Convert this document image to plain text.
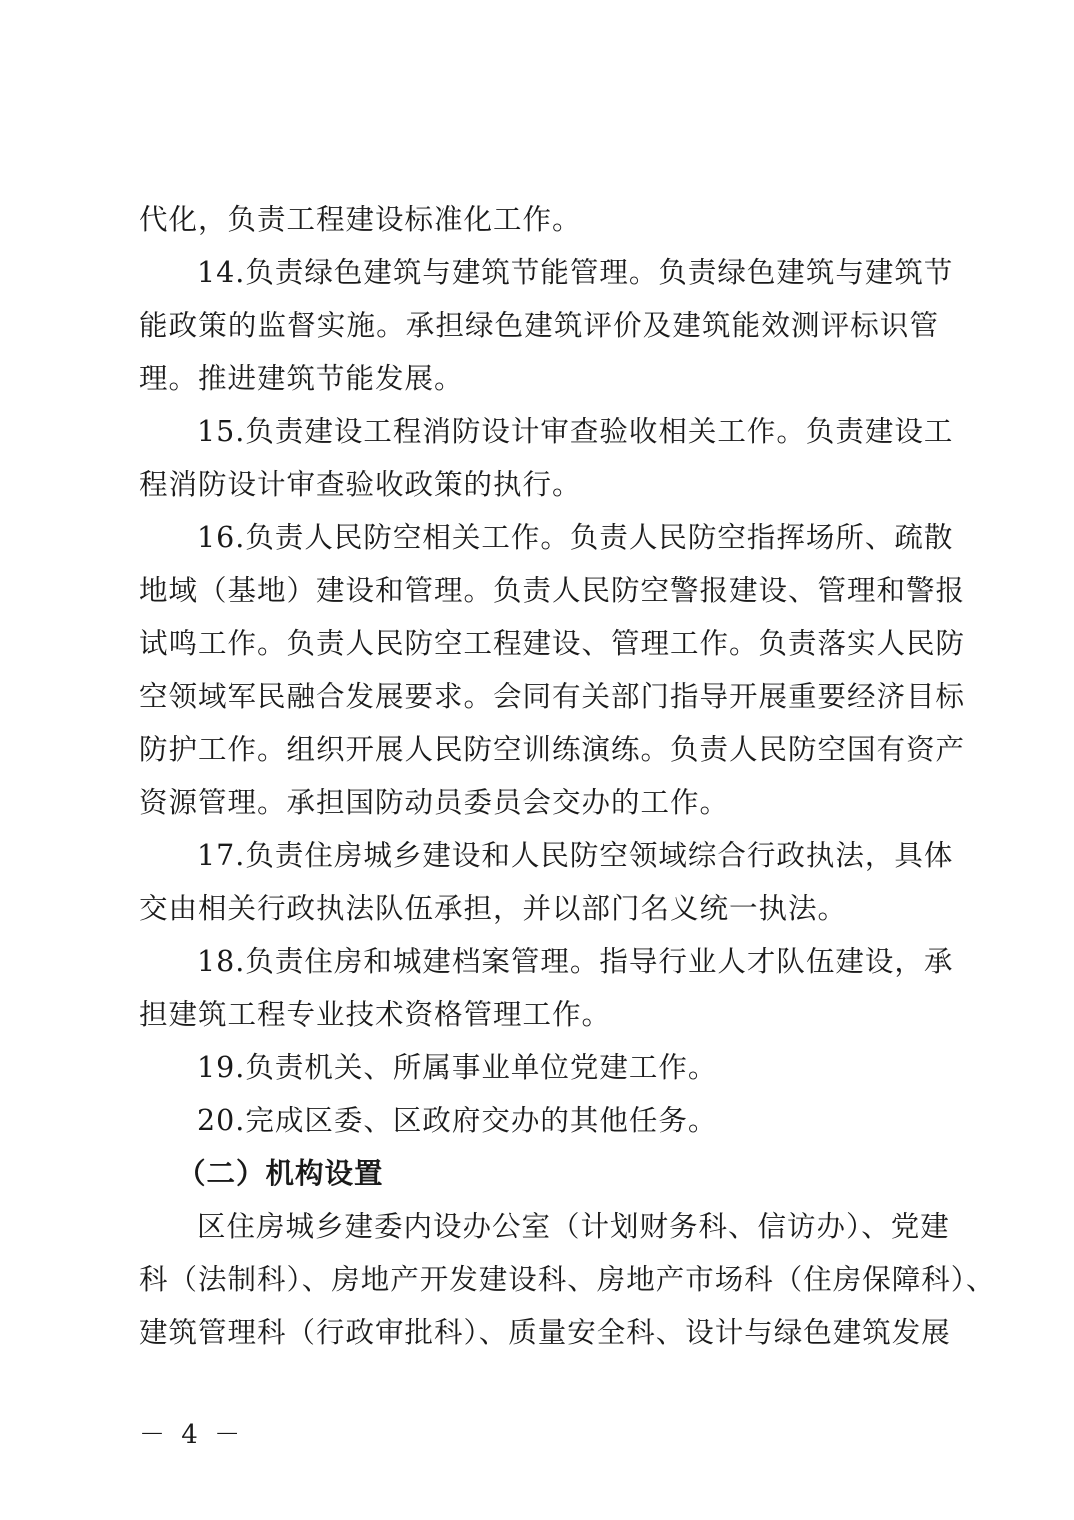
代化，负责工程建设标准化工作。
14.负责绿色建筑与建筑节能管理。负责绿色建筑与建筑节
能政策的监督实施。承担绿色建筑评价及建筑能效测评标识管
理。推进建筑节能发展。
15.负责建设工程消防设计审查验收相关工作。负责建设工
程消防设计审查验收政策的执行。
16.负责人民防空相关工作。负责人民防空指挥场所、疏散
地域（基地）建设和管理。负责人民防空警报建设、管理和警报
试鸣工作。负责人民防空工程建设、管理工作。负责落实人民防
空领域军民融合发展要求。会同有关部门指导开展重要经济目标
防护工作。组织开展人民防空训练演练。负责人民防空国有资产
资源管理。承担国防动员委员会交办的工作。
17.负责住房城乡建设和人民防空领域综合行政执法，具体
交由相关行政执法队伍承担，并以部门名义统一执法。
18.负责住房和城建档案管理。指导行业人才队伍建设，承
担建筑工程专业技术资格管理工作。
19.负责机关、所属事业单位党建工作。
20.完成区委、区政府交办的其他任务。
（二）机构设置
区住房城乡建委内设办公室（计划财务科、信访办）、党建
科（法制科）、房地产开发建设科、房地产市场科（住房保障科）、
建筑管理科（行政审批科）、质量安全科、设计与绿色建筑发展
－ 4 －
